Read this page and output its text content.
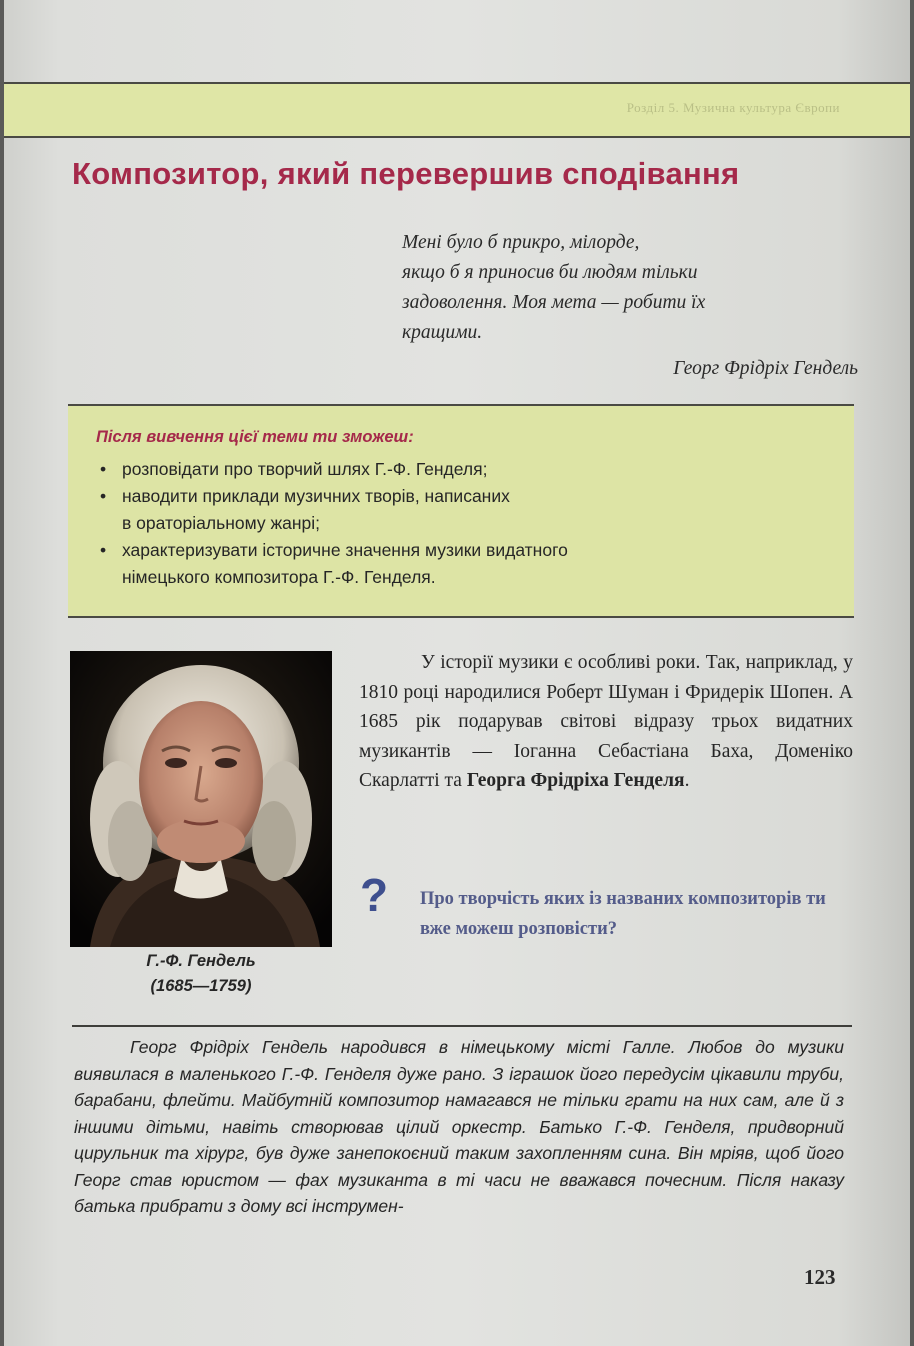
Розділ 5. Музична культура Європи
Композитор, який перевершив сподівання

Мені було б прикро, мілорде,

якщо б я приносив би людям тільки

задоволення. Моя мета — робити їх

кращими.

Георг Фрідріх Гендель

Після вивчення цієї теми ти зможеш:

• розповідати про творчий шлях Г.-Ф. Генделя;
• наводити приклади музичних творів, написаних
в ораторіальному жанрі;
• характеризувати історичне значення музики видатного
німецького композитора Г.-Ф. Генделя.
Г.-Ф. Гендель
(1685—1759)

У історії музики є особливі роки. Так, наприклад, у 1810 році народилися Роберт Шуман і Фридерік Шопен. А 1685 рік подарував світові відразу трьох видатних музикантів — Іоганна Себастіана Баха, Доменіко Скарлатті та Георга Фрідріха Генделя.

? Про творчість яких із названих композиторів ти вже можеш розповісти?

Георг Фрідріх Гендель народився в німецькому місті Галле. Любов до музики виявилася в маленького Г.-Ф. Генделя дуже рано. З іграшок його передусім цікавили труби, барабани, флейти. Майбутній композитор намагався не тільки грати на них сам, але й з іншими дітьми, навіть створював цілий оркестр. Батько Г.-Ф. Генделя, придворний цирульник та хірург, був дуже занепокоєний таким захопленням сина. Він мріяв, щоб його Георг став юристом — фах музиканта в ті часи не вважався почесним. Після наказу батька прибрати з дому всі інструмен-

123
